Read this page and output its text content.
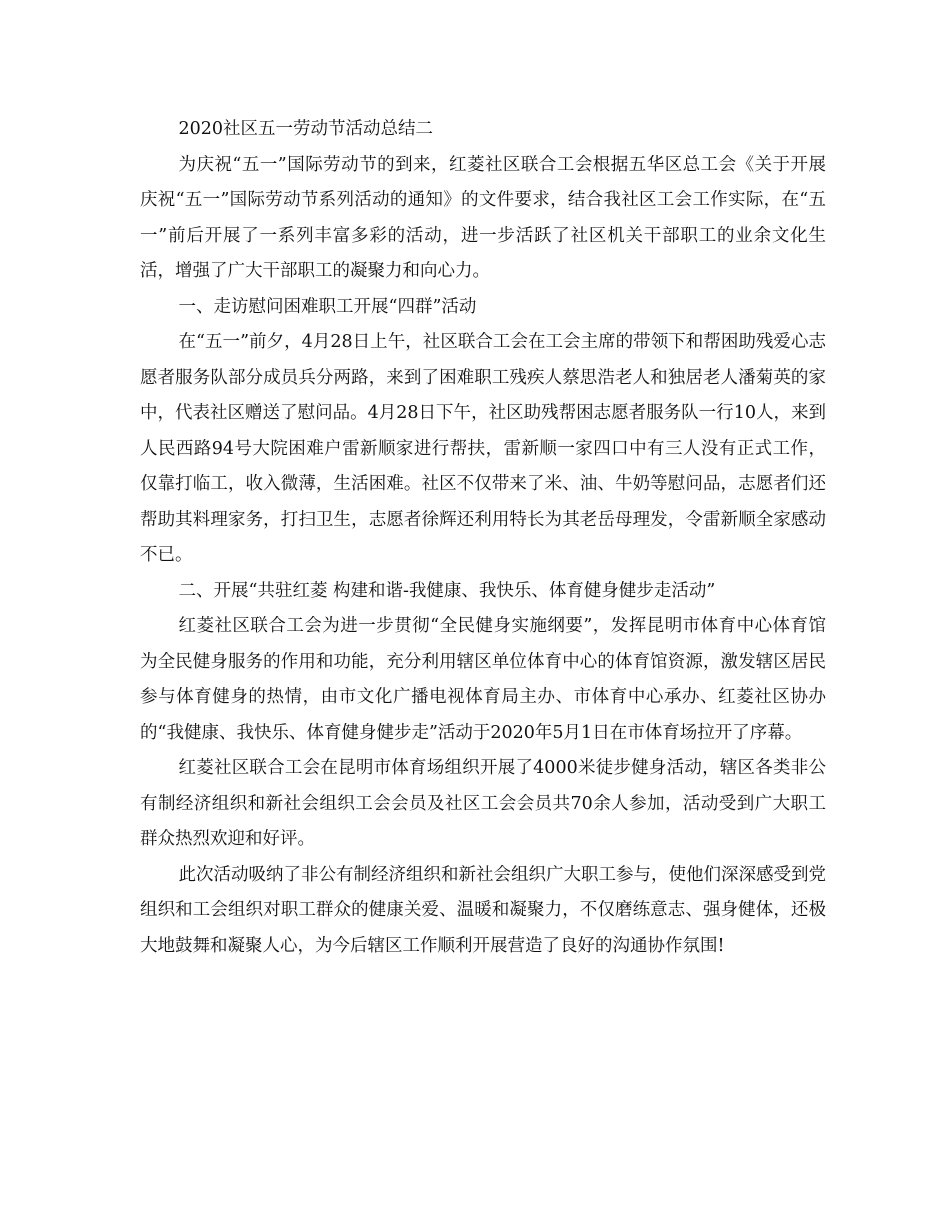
2020社区五一劳动节活动总结二

为庆祝“五一”国际劳动节的到来，红菱社区联合工会根据五华区总工会《关于开展庆祝“五一”国际劳动节系列活动的通知》的文件要求，结合我社区工会工作实际，在“五一”前后开展了一系列丰富多彩的活动，进一步活跃了社区机关干部职工的业余文化生活，增强了广大干部职工的凝聚力和向心力。

一、走访慰问困难职工开展“四群”活动

在“五一”前夕，4月28日上午，社区联合工会在工会主席的带领下和帮困助残爱心志愿者服务队部分成员兵分两路，来到了困难职工残疾人蔡思浩老人和独居老人潘菊英的家中，代表社区赠送了慰问品。4月28日下午，社区助残帮困志愿者服务队一行10人，来到人民西路94号大院困难户雷新顺家进行帮扶，雷新顺一家四口中有三人没有正式工作，仅靠打临工，收入微薄，生活困难。社区不仅带来了米、油、牛奶等慰问品，志愿者们还帮助其料理家务，打扫卫生，志愿者徐辉还利用特长为其老岳母理发，令雷新顺全家感动不已。

二、开展“共驻红菱 构建和谐-我健康、我快乐、体育健身健步走活动”

红菱社区联合工会为进一步贯彻“全民健身实施纲要”，发挥昆明市体育中心体育馆为全民健身服务的作用和功能，充分利用辖区单位体育中心的体育馆资源，激发辖区居民参与体育健身的热情，由市文化广播电视体育局主办、市体育中心承办、红菱社区协办的“我健康、我快乐、体育健身健步走”活动于2020年5月1日在市体育场拉开了序幕。

红菱社区联合工会在昆明市体育场组织开展了4000米徒步健身活动，辖区各类非公有制经济组织和新社会组织工会会员及社区工会会员共70余人参加，活动受到广大职工群众热烈欢迎和好评。

此次活动吸纳了非公有制经济组织和新社会组织广大职工参与，使他们深深感受到党组织和工会组织对职工群众的健康关爱、温暖和凝聚力，不仅磨练意志、强身健体，还极大地鼓舞和凝聚人心，为今后辖区工作顺利开展营造了良好的沟通协作氛围!
